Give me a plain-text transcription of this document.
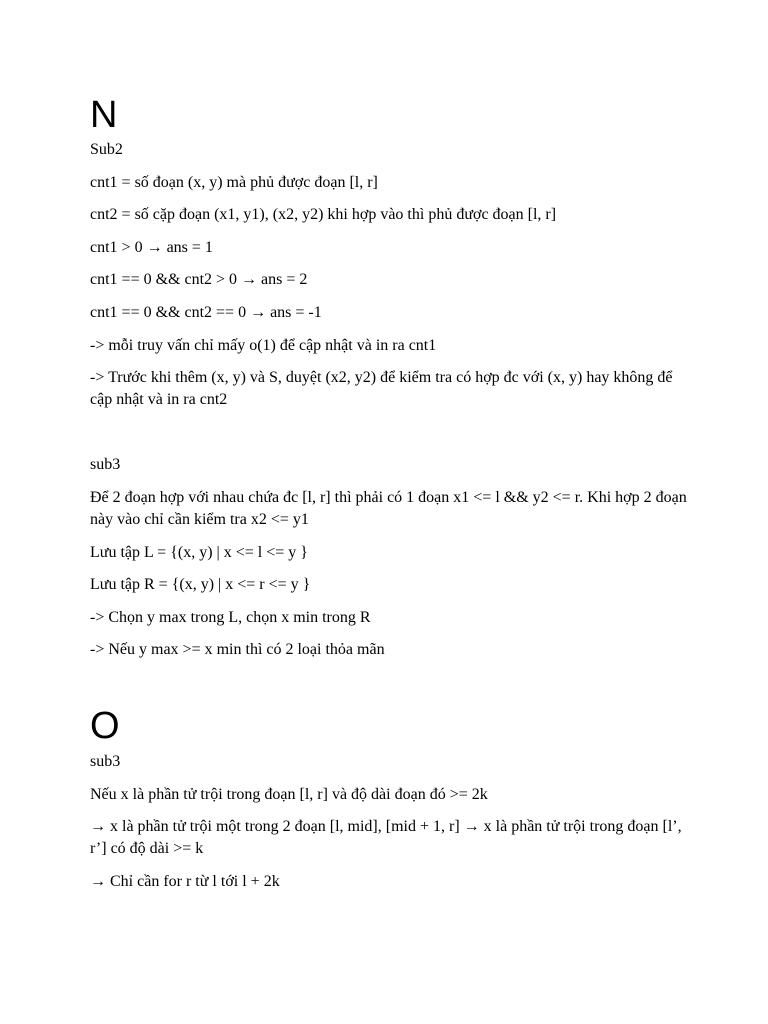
N

Sub2

cnt1 = số đoạn (x, y) mà phủ được đoạn [l, r]

cnt2 = số cặp đoạn (x1, y1), (x2, y2) khi hợp vào thì phủ được đoạn [l, r]

cnt1 > 0 → ans = 1

cnt1 == 0 && cnt2 > 0 → ans = 2

cnt1 == 0 && cnt2 == 0 → ans = -1

-> mỗi truy vấn chỉ mấy o(1) để cập nhật và in ra cnt1

-> Trước khi thêm (x, y) và S, duyệt (x2, y2) để kiểm tra có hợp đc với (x, y) hay không để cập nhật và in ra cnt2

sub3

Để 2 đoạn hợp với nhau chứa đc [l, r] thì phải có 1 đoạn x1 <= l && y2 <= r. Khi hợp 2 đoạn này vào chỉ cần kiểm tra x2 <= y1

Lưu tập L = {(x, y) | x <= l <= y }

Lưu tập R = {(x, y) | x <= r <= y }

-> Chọn y max trong L, chọn x min trong R

-> Nếu y max >= x min thì có 2 loại thỏa mãn

O

sub3

Nếu x là phần tử trội trong đoạn [l, r] và độ dài đoạn đó >= 2k

→ x là phần tử trội một trong 2 đoạn [l, mid], [mid + 1, r] → x là phần tử trội trong đoạn [l’, r’] có độ dài >= k

→ Chỉ cần for r từ l tới l + 2k
